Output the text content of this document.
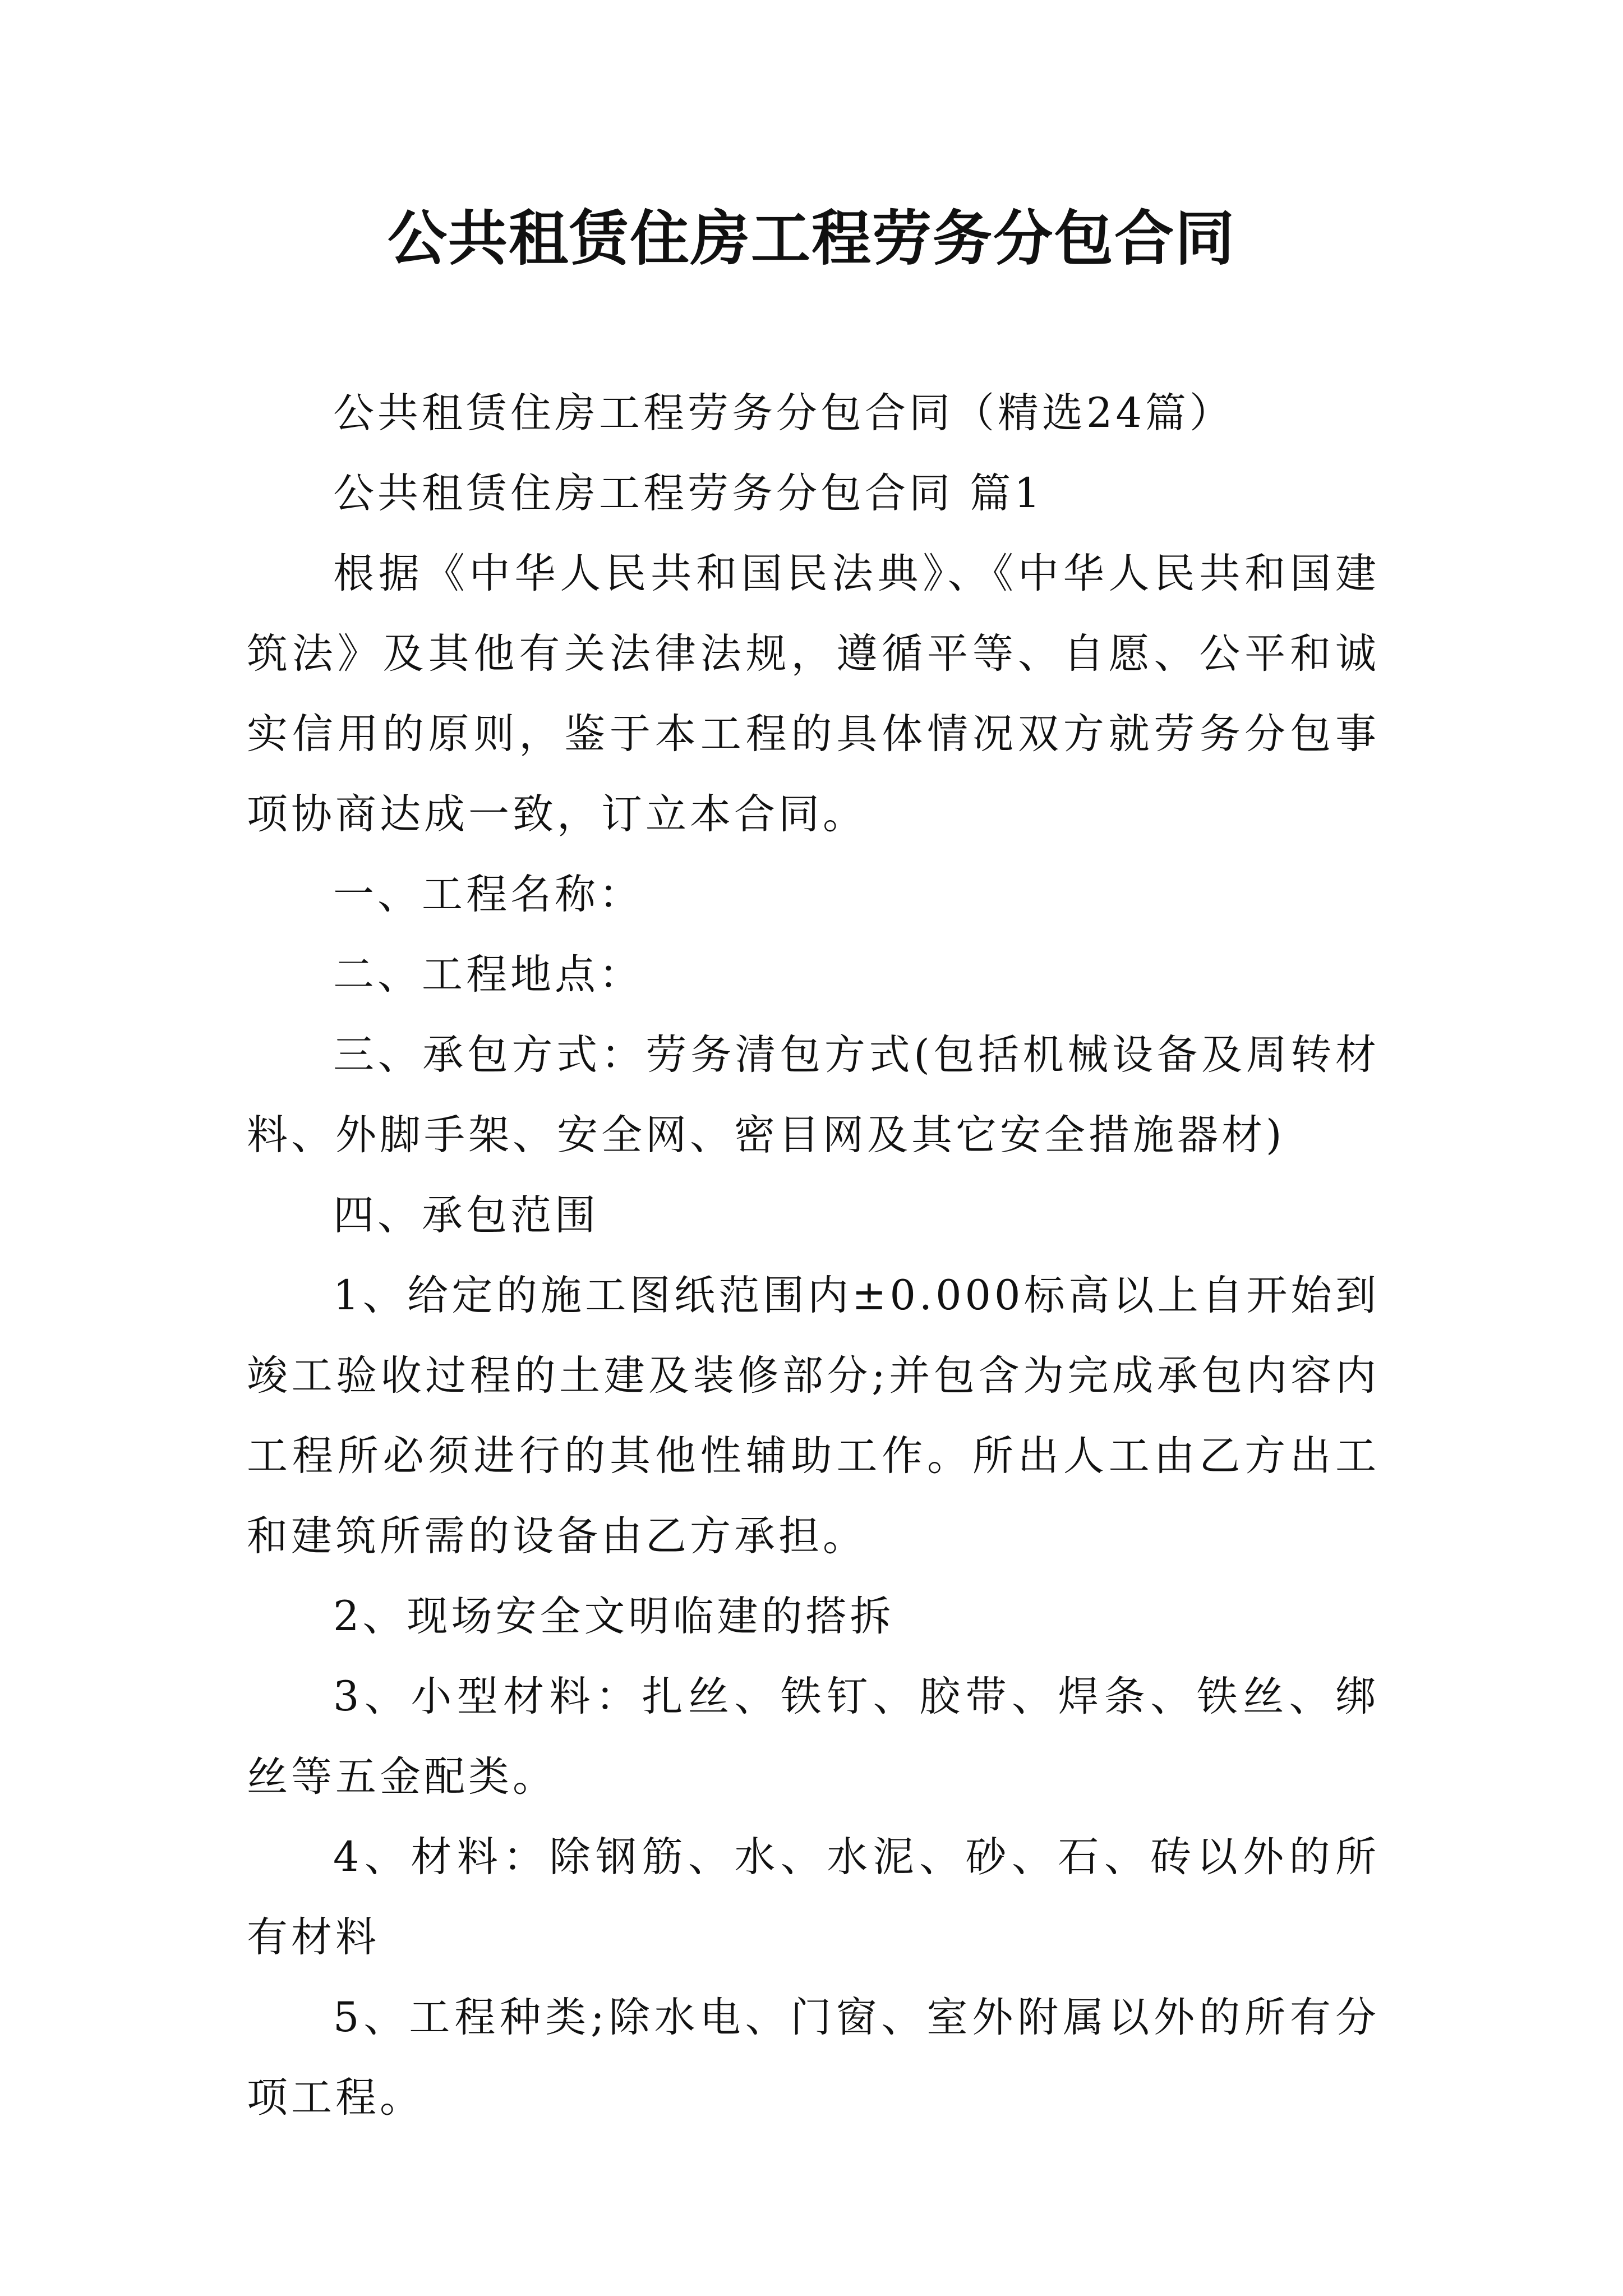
公共租赁住房工程劳务分包合同

公共租赁住房工程劳务分包合同（精选24篇）

公共租赁住房工程劳务分包合同 篇1

根据《中华人民共和国民法典》、《中华人民共和国建筑法》及其他有关法律法规，遵循平等、自愿、公平和诚实信用的原则，鉴于本工程的具体情况双方就劳务分包事项协商达成一致，订立本合同。

一、工程名称：

二、工程地点：

三、承包方式：劳务清包方式(包括机械设备及周转材料、外脚手架、安全网、密目网及其它安全措施器材)

四、承包范围

1、给定的施工图纸范围内±0.000标高以上自开始到竣工验收过程的土建及装修部分;并包含为完成承包内容内工程所必须进行的其他性辅助工作。所出人工由乙方出工和建筑所需的设备由乙方承担。

2、现场安全文明临建的搭拆

3、小型材料：扎丝、铁钉、胶带、焊条、铁丝、绑丝等五金配类。

4、材料：除钢筋、水、水泥、砂、石、砖以外的所有材料

5、工程种类;除水电、门窗、室外附属以外的所有分项工程。
